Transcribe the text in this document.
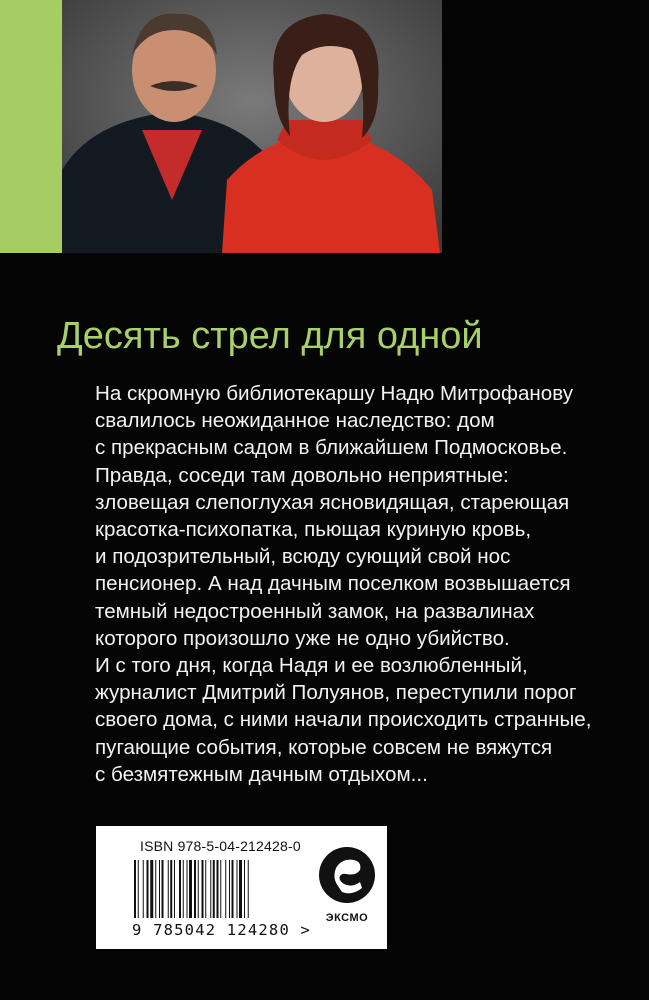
Десять стрел для одной

На скромную библиотекаршу Надю Митрофанову
свалилось неожиданное наследство: дом
с прекрасным садом в ближайшем Подмосковье.
Правда, соседи там довольно неприятные:
зловещая слепоглухая ясновидящая, стареющая
красотка-психопатка, пьющая куриную кровь,
и подозрительный, всюду сующий свой нос
пенсионер. А над дачным поселком возвышается
темный недостроенный замок, на развалинах
которого произошло уже не одно убийство.
И с того дня, когда Надя и ее возлюбленный,
журналист Дмитрий Полуянов, переступили порог
своего дома, с ними начали происходить странные,
пугающие события, которые совсем не вяжутся
с безмятежным дачным отдыхом...

ISBN 978-5-04-212428-0
9 785042 124280 >
ЭКСМО
